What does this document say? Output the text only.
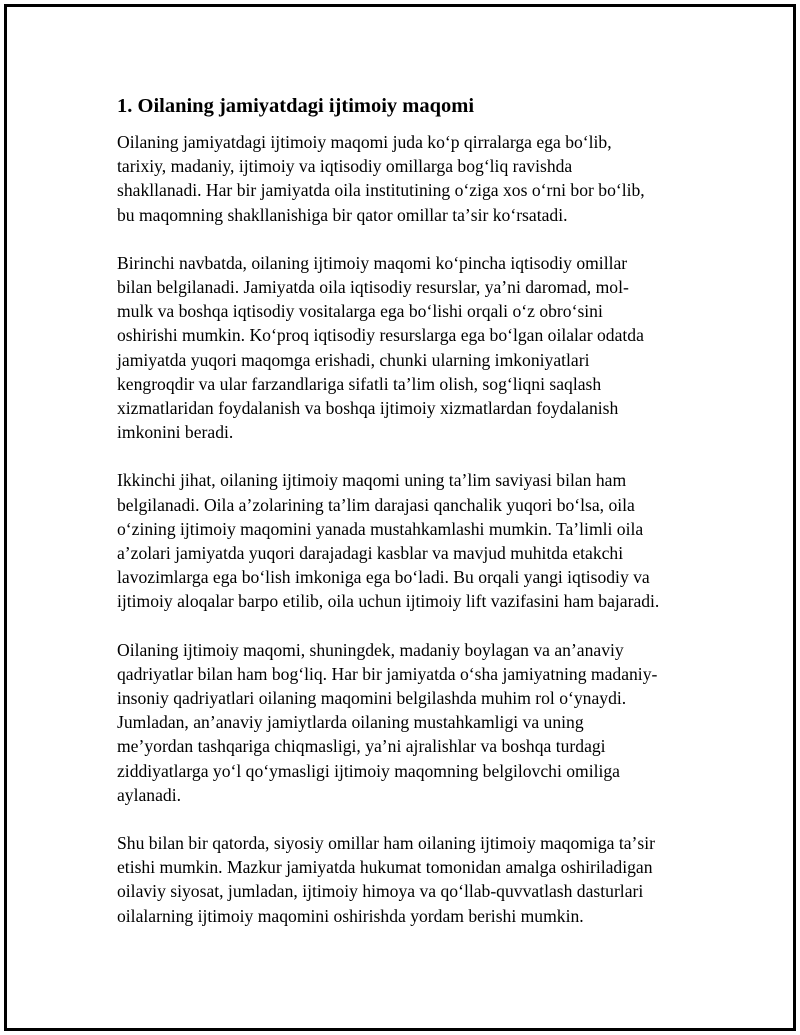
1. Oilaning jamiyatdagi ijtimoiy maqomi
Oilaning jamiyatdagi ijtimoiy maqomi juda koʻp qirralarga ega boʻlib,
tarixiy, madaniy, ijtimoiy va iqtisodiy omillarga bogʻliq ravishda
shakllanadi. Har bir jamiyatda oila institutining oʻziga xos oʻrni bor boʻlib,
bu maqomning shakllanishiga bir qator omillar taʼsir koʻrsatadi.
Birinchi navbatda, oilaning ijtimoiy maqomi koʻpincha iqtisodiy omillar
bilan belgilanadi. Jamiyatda oila iqtisodiy resurslar, yaʼni daromad, mol-
mulk va boshqa iqtisodiy vositalarga ega boʻlishi orqali oʻz obroʻsini
oshirishi mumkin. Koʻproq iqtisodiy resurslarga ega boʻlgan oilalar odatda
jamiyatda yuqori maqomga erishadi, chunki ularning imkoniyatlari
kengroqdir va ular farzandlariga sifatli taʼlim olish, sogʻliqni saqlash
xizmatlaridan foydalanish va boshqa ijtimoiy xizmatlardan foydalanish
imkonini beradi.
Ikkinchi jihat, oilaning ijtimoiy maqomi uning taʼlim saviyasi bilan ham
belgilanadi. Oila aʼzolarining taʼlim darajasi qanchalik yuqori boʻlsa, oila
oʻzining ijtimoiy maqomini yanada mustahkamlashi mumkin. Taʼlimli oila
aʼzolari jamiyatda yuqori darajadagi kasblar va mavjud muhitda etakchi
lavozimlarga ega boʻlish imkoniga ega boʻladi. Bu orqali yangi iqtisodiy va
ijtimoiy aloqalar barpo etilib, oila uchun ijtimoiy lift vazifasini ham bajaradi.
Oilaning ijtimoiy maqomi, shuningdek, madaniy boylagan va anʼanaviy
qadriyatlar bilan ham bogʻliq. Har bir jamiyatda oʻsha jamiyatning madaniy-
insoniy qadriyatlari oilaning maqomini belgilashda muhim rol oʻynaydi.
Jumladan, anʼanaviy jamiytlarda oilaning mustahkamligi va uning
meʼyordan tashqariga chiqmasligi, yaʼni ajralishlar va boshqa turdagi
ziddiyatlarga yoʻl qoʻymasligi ijtimoiy maqomning belgilovchi omiliga
aylanadi.
Shu bilan bir qatorda, siyosiy omillar ham oilaning ijtimoiy maqomiga taʼsir
etishi mumkin. Mazkur jamiyatda hukumat tomonidan amalga oshiriladigan
oilaviy siyosat, jumladan, ijtimoiy himoya va qoʻllab-quvvatlash dasturlari
oilalarning ijtimoiy maqomini oshirishda yordam berishi mumkin.
